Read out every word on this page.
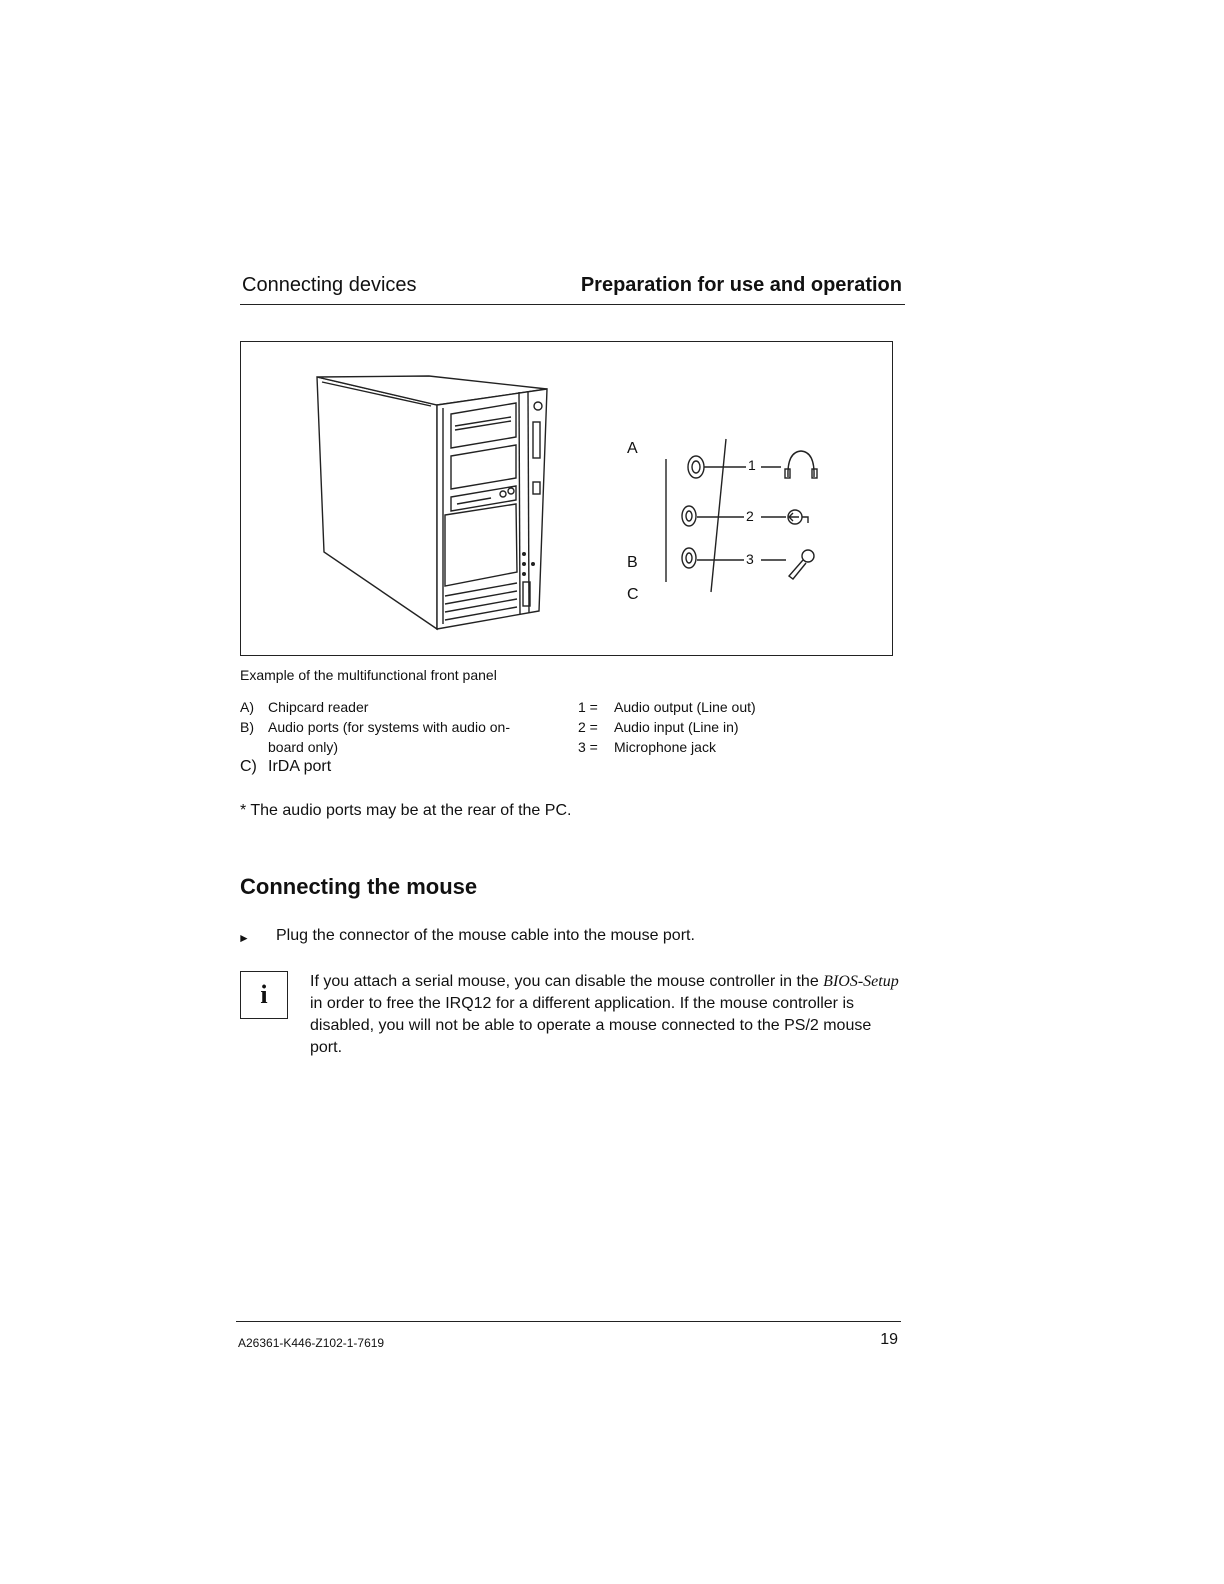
Connecting devices	Preparation for use and operation
A
B
C
1
2
3
Example of the multifunctional front panel
A) Chipcard reader
B) Audio ports (for systems with audio on-
board only)
C) IrDA port
1 = Audio output (Line out)
2 = Audio input (Line in)
3 = Microphone jack
* The audio ports may be at the rear of the PC.
Connecting the mouse
► Plug the connector of the mouse cable into the mouse port.
i	If you attach a serial mouse, you can disable the mouse controller in the BIOS-Setup in order to free the IRQ12 for a different application. If the mouse controller is disabled, you will not be able to operate a mouse connected to the PS/2 mouse port.
A26361-K446-Z102-1-7619	19
